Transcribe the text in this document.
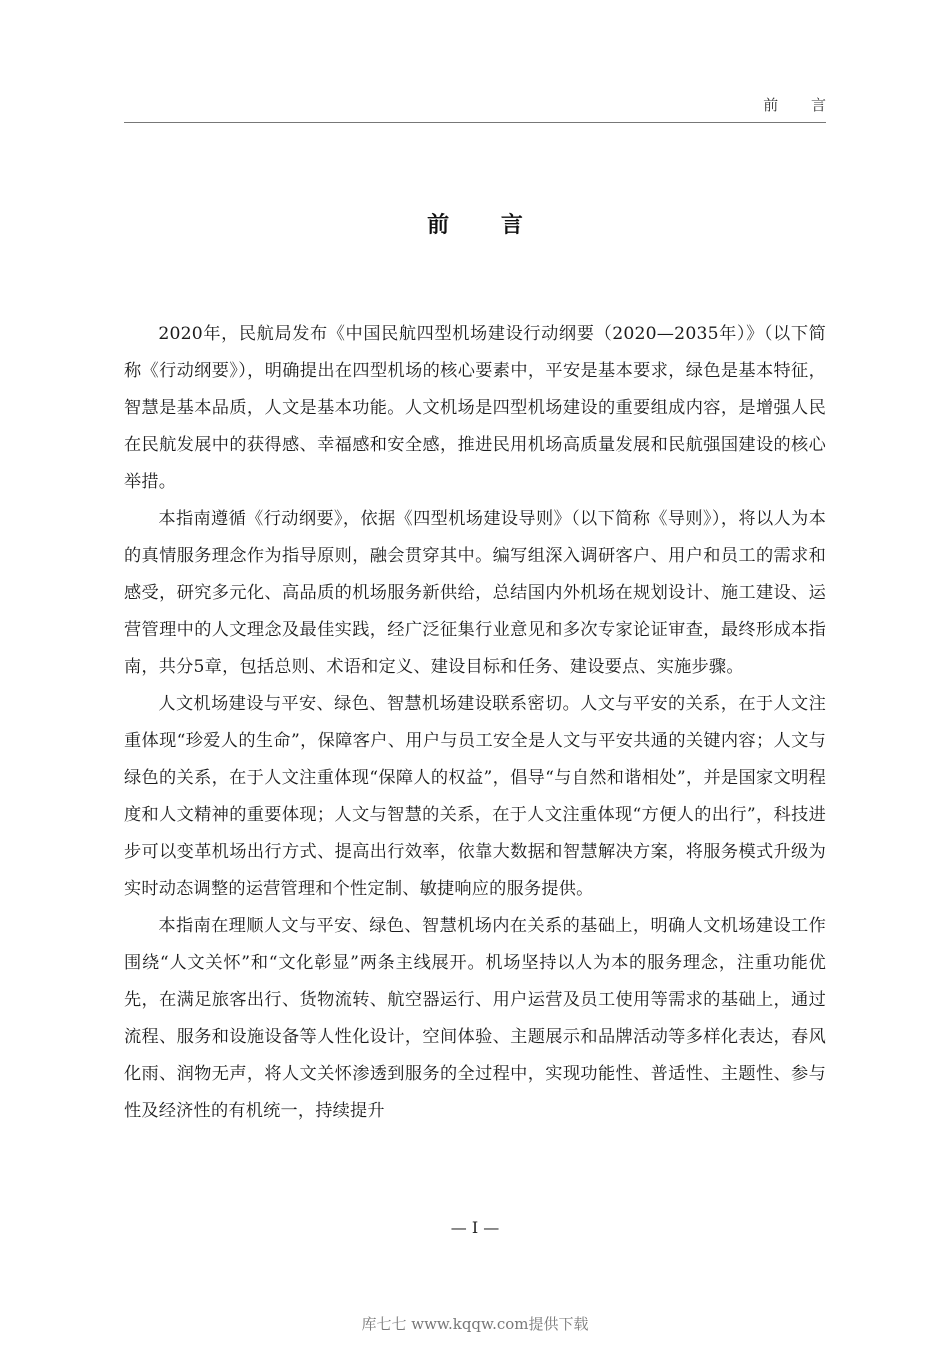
前 言
前 言

2020年，民航局发布《中国民航四型机场建设行动纲要（2020—2035年）》（以下简称《行动纲要》），明确提出在四型机场的核心要素中，平安是基本要求，绿色是基本特征，智慧是基本品质，人文是基本功能。人文机场是四型机场建设的重要组成内容，是增强人民在民航发展中的获得感、幸福感和安全感，推进民用机场高质量发展和民航强国建设的核心举措。

本指南遵循《行动纲要》，依据《四型机场建设导则》（以下简称《导则》），将以人为本的真情服务理念作为指导原则，融会贯穿其中。编写组深入调研客户、用户和员工的需求和感受，研究多元化、高品质的机场服务新供给，总结国内外机场在规划设计、施工建设、运营管理中的人文理念及最佳实践，经广泛征集行业意见和多次专家论证审查，最终形成本指南，共分5章，包括总则、术语和定义、建设目标和任务、建设要点、实施步骤。

人文机场建设与平安、绿色、智慧机场建设联系密切。人文与平安的关系，在于人文注重体现“珍爱人的生命”，保障客户、用户与员工安全是人文与平安共通的关键内容；人文与绿色的关系，在于人文注重体现“保障人的权益”，倡导“与自然和谐相处”，并是国家文明程度和人文精神的重要体现；人文与智慧的关系，在于人文注重体现“方便人的出行”，科技进步可以变革机场出行方式、提高出行效率，依靠大数据和智慧解决方案，将服务模式升级为实时动态调整的运营管理和个性定制、敏捷响应的服务提供。

本指南在理顺人文与平安、绿色、智慧机场内在关系的基础上，明确人文机场建设工作围绕“人文关怀”和“文化彰显”两条主线展开。机场坚持以人为本的服务理念，注重功能优先，在满足旅客出行、货物流转、航空器运行、用户运营及员工使用等需求的基础上，通过流程、服务和设施设备等人性化设计，空间体验、主题展示和品牌活动等多样化表达，春风化雨、润物无声，将人文关怀渗透到服务的全过程中，实现功能性、普适性、主题性、参与性及经济性的有机统一，持续提升

— I —
库七七 www.kqqw.com提供下载
